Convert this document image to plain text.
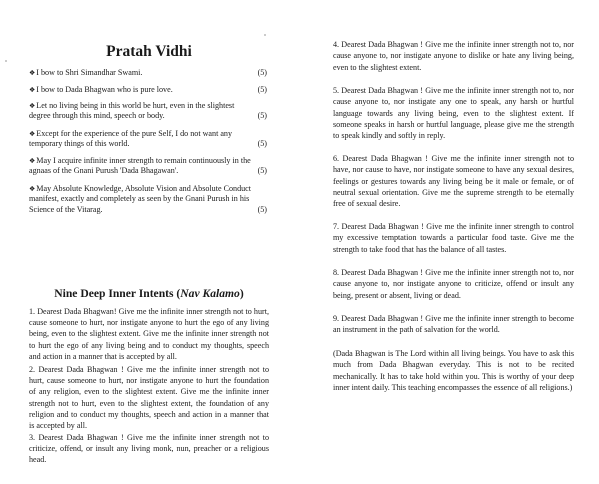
Pratah Vidhi
❖I bow to Shri Simandhar Swami.	(5)
❖I bow to Dada Bhagwan who is pure love.	(5)
❖Let no living being in this world be hurt, even in the slightest degree through this mind, speech or body.	(5)
❖Except for the experience of the pure Self, I do not want any temporary things of this world.	(5)
❖May I acquire infinite inner strength to remain continuously in the agnaas of the Gnani Purush 'Dada Bhagawan'.	(5)
❖May Absolute Knowledge, Absolute Vision and Absolute Conduct manifest, exactly and completely as seen by the Gnani Purush in his Science of the Vitarag.	(5)
Nine Deep Inner Intents (Nav Kalamo)

1. Dearest Dada Bhagwan! Give me the infinite inner strength not to hurt, cause someone to hurt, nor instigate anyone to hurt the ego of any living being, even to the slightest extent. Give me the infinite inner strength not to hurt the ego of any living being and to conduct my thoughts, speech and action in a manner that is accepted by all.

2. Dearest Dada Bhagwan ! Give me the infinite inner strength not to hurt, cause someone to hurt, nor instigate anyone to hurt the foundation of any religion, even to the slightest extent. Give me the infinite inner strength not to hurt, even to the slightest extent, the foundation of any religion and to conduct my thoughts, speech and action in a manner that is accepted by all.

3. Dearest Dada Bhagwan ! Give me the infinite inner strength not to criticize, offend, or insult any living monk, nun, preacher or a religious head.

4. Dearest Dada Bhagwan ! Give me the infinite inner strength not to, nor cause anyone to, nor instigate anyone to dislike or hate any living being, even to the slightest extent.

5. Dearest Dada Bhagwan ! Give me the infinite inner strength not to, nor cause anyone to, nor instigate any one to speak, any harsh or hurtful language towards any living being, even to the slightest extent. If someone speaks in harsh or hurtful language, please give me the strength to speak kindly and softly in reply.

6. Dearest Dada Bhagwan ! Give me the infinite inner strength not to have, nor cause to have, nor instigate someone to have any sexual desires, feelings or gestures towards any living being be it male or female, or of neutral sexual orientation. Give me the supreme strength to be eternally free of sexual desire.

7. Dearest Dada Bhagwan ! Give me the infinite inner strength to control my excessive temptation towards a particular food taste. Give me the strength to take food that has the balance of all tastes.

8. Dearest Dada Bhagwan ! Give me the infinite inner strength not to, nor cause anyone to, nor instigate anyone to criticize, offend or insult any being, present or absent, living or dead.

9. Dearest Dada Bhagwan ! Give me the infinite inner strength to become an instrument in the path of salvation for the world.

(Dada Bhagwan is The Lord within all living beings. You have to ask this much from Dada Bhagwan everyday. This is not to be recited mechanically. It has to take hold within you. This is worthy of your deep inner intent daily. This teaching encompasses the essence of all religions.)
